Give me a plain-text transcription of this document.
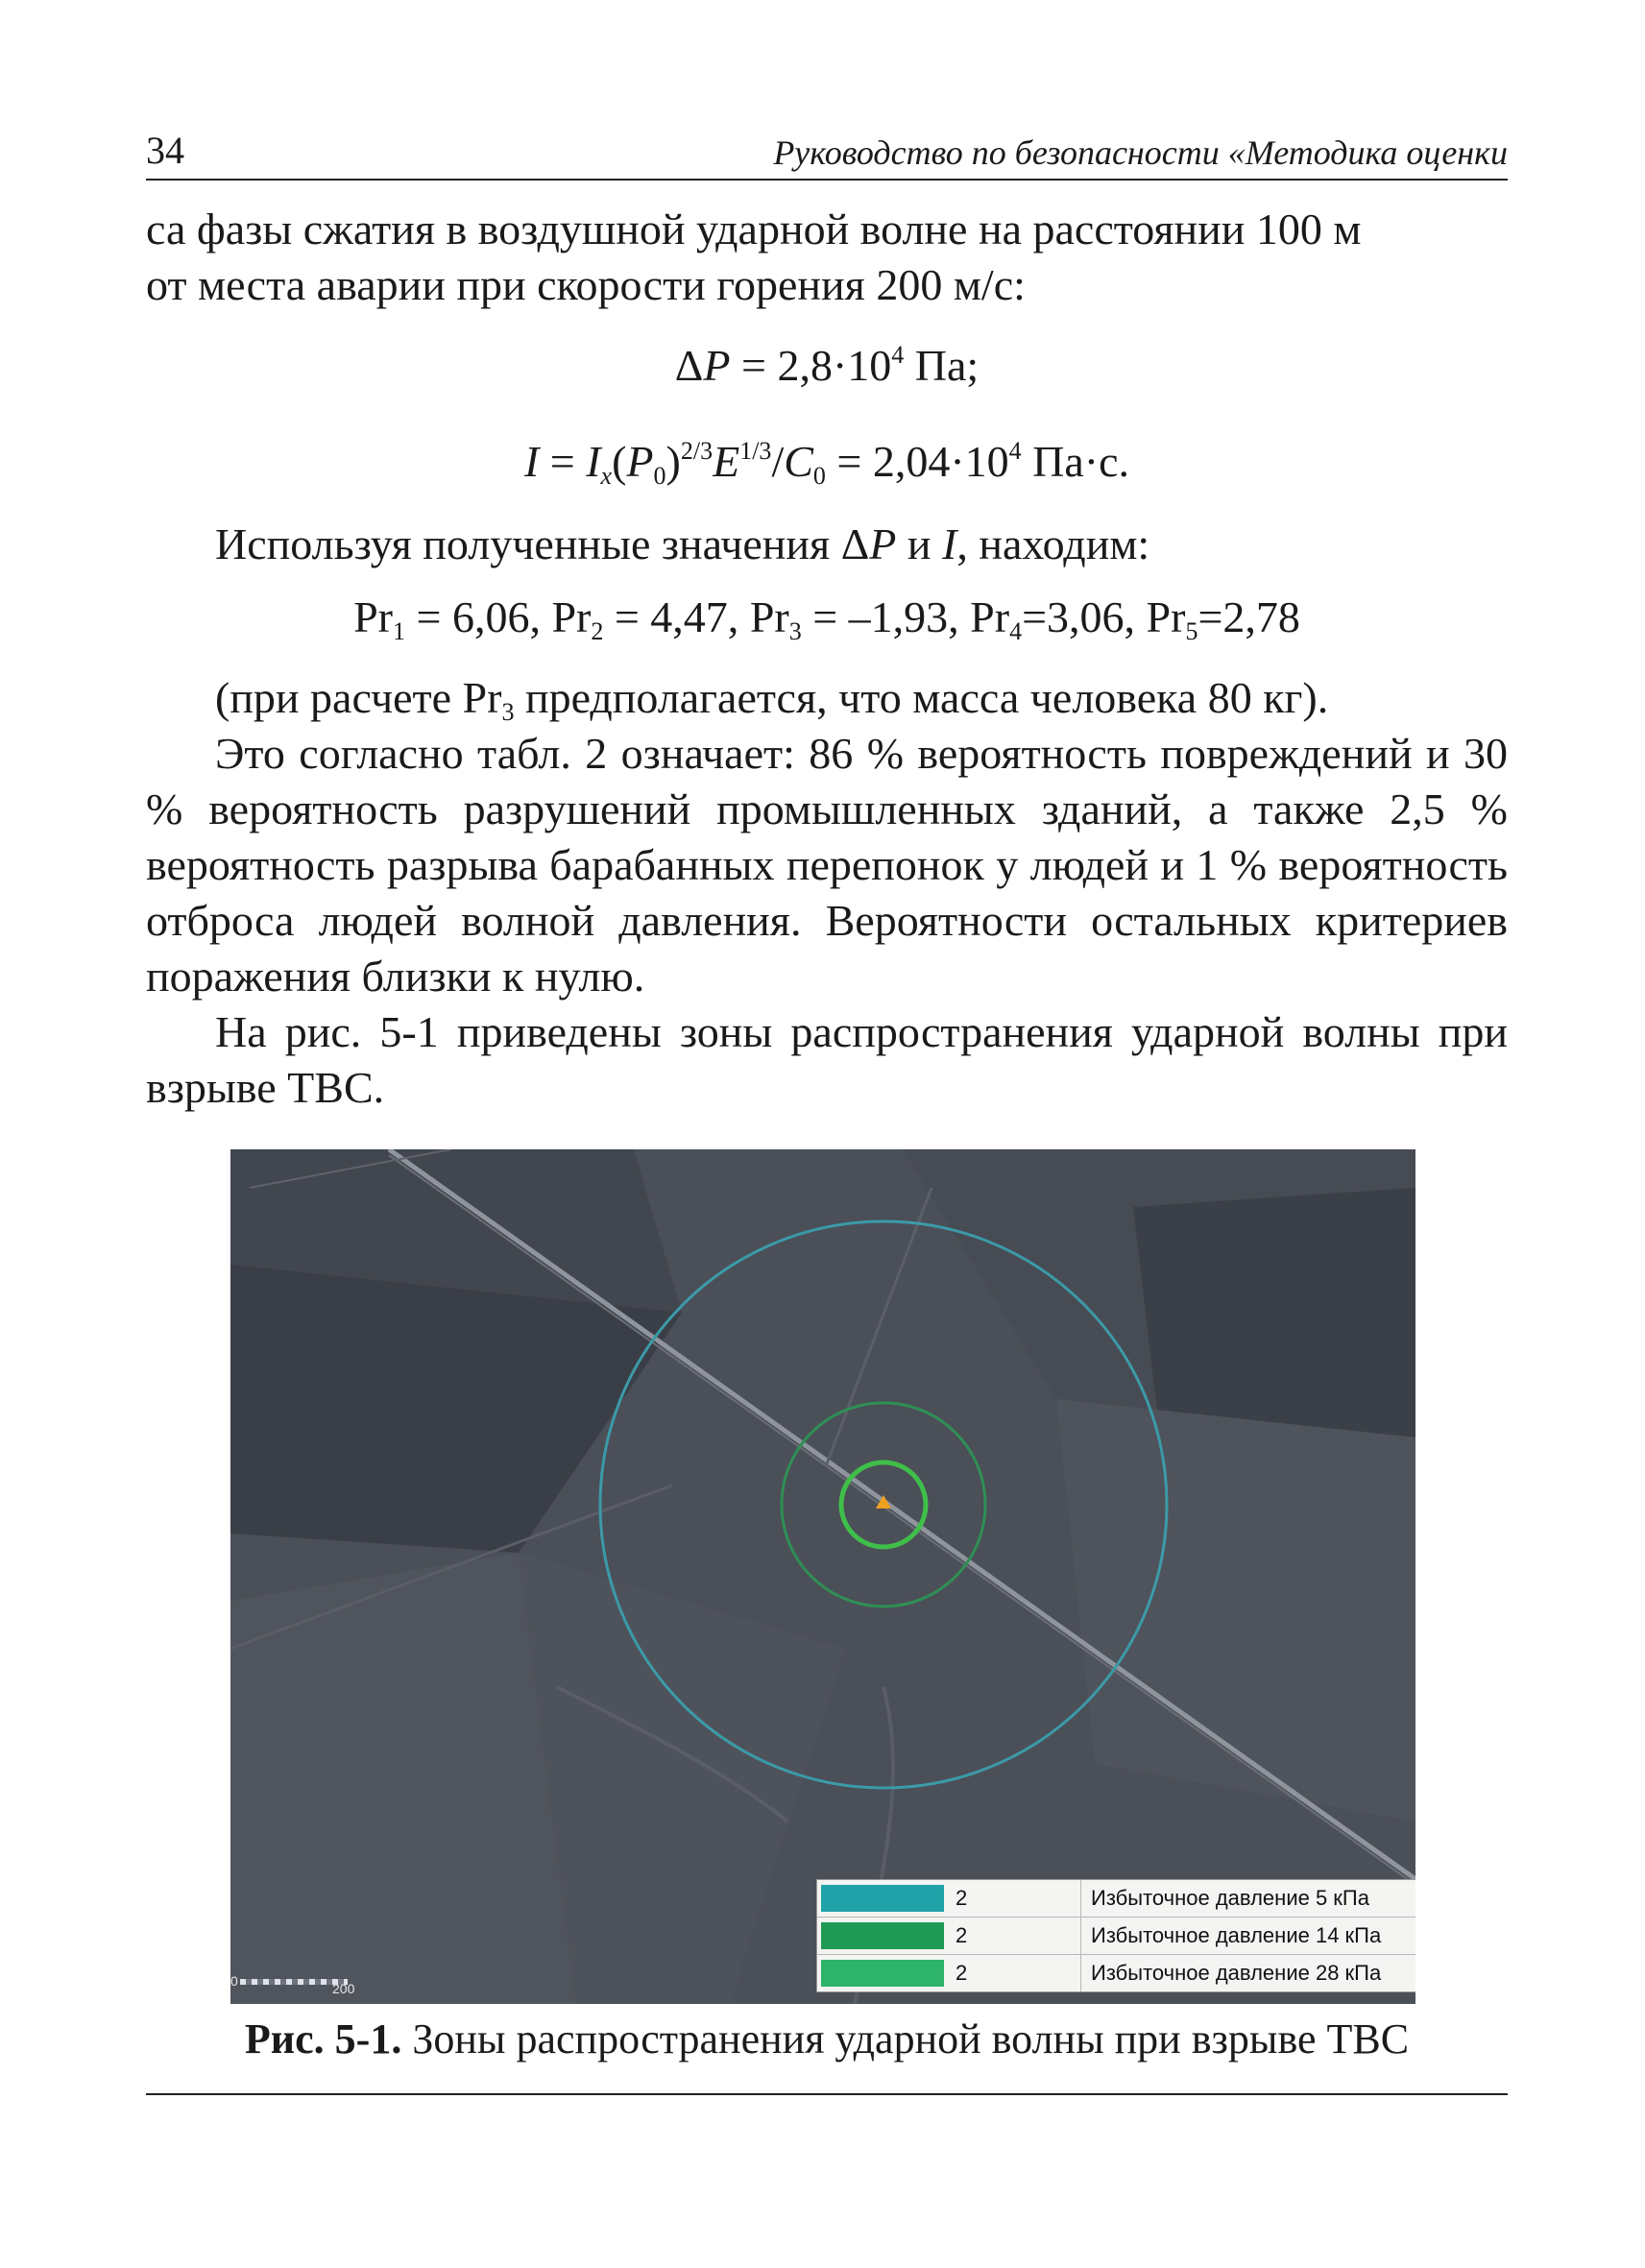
34	Руководство по безопасности «Методика оценки

са фазы сжатия в воздушной ударной волне на расстоянии 100 м

от места аварии при скорости горения 200 м/с:

$\Delta P = 2,8\cdot 10^4$ Па;

$I = I_x(P_0)^{2/3}E^{1/3}/C_0 = 2,04\cdot 10^4$ Па·с.

Используя полученные значения ΔP и I, находим:

$Pr_1 = 6,06$, $Pr_2 = 4,47$, $Pr_3 = -1,93$, $Pr_4=3,06$, $Pr_5=2,78$

(при расчете $Pr_3$ предполагается, что масса человека 80 кг).

Это согласно табл. 2 означает: 86 % вероятность повреждений и 30 % вероятность разрушений промышленных зданий, а также 2,5 % вероятность разрыва барабанных перепонок у людей и 1 % вероятность отброса людей волной давления. Вероятности остальных критериев поражения близки к нулю.

На рис. 5-1 приведены зоны распространения ударной волны при взрыве ТВС.

2	Избыточное давление 5 кПа
2	Избыточное давление 14 кПа
2	Избыточное давление 28 кПа
0	200
Рис. 5-1. Зоны распространения ударной волны при взрыве ТВС
